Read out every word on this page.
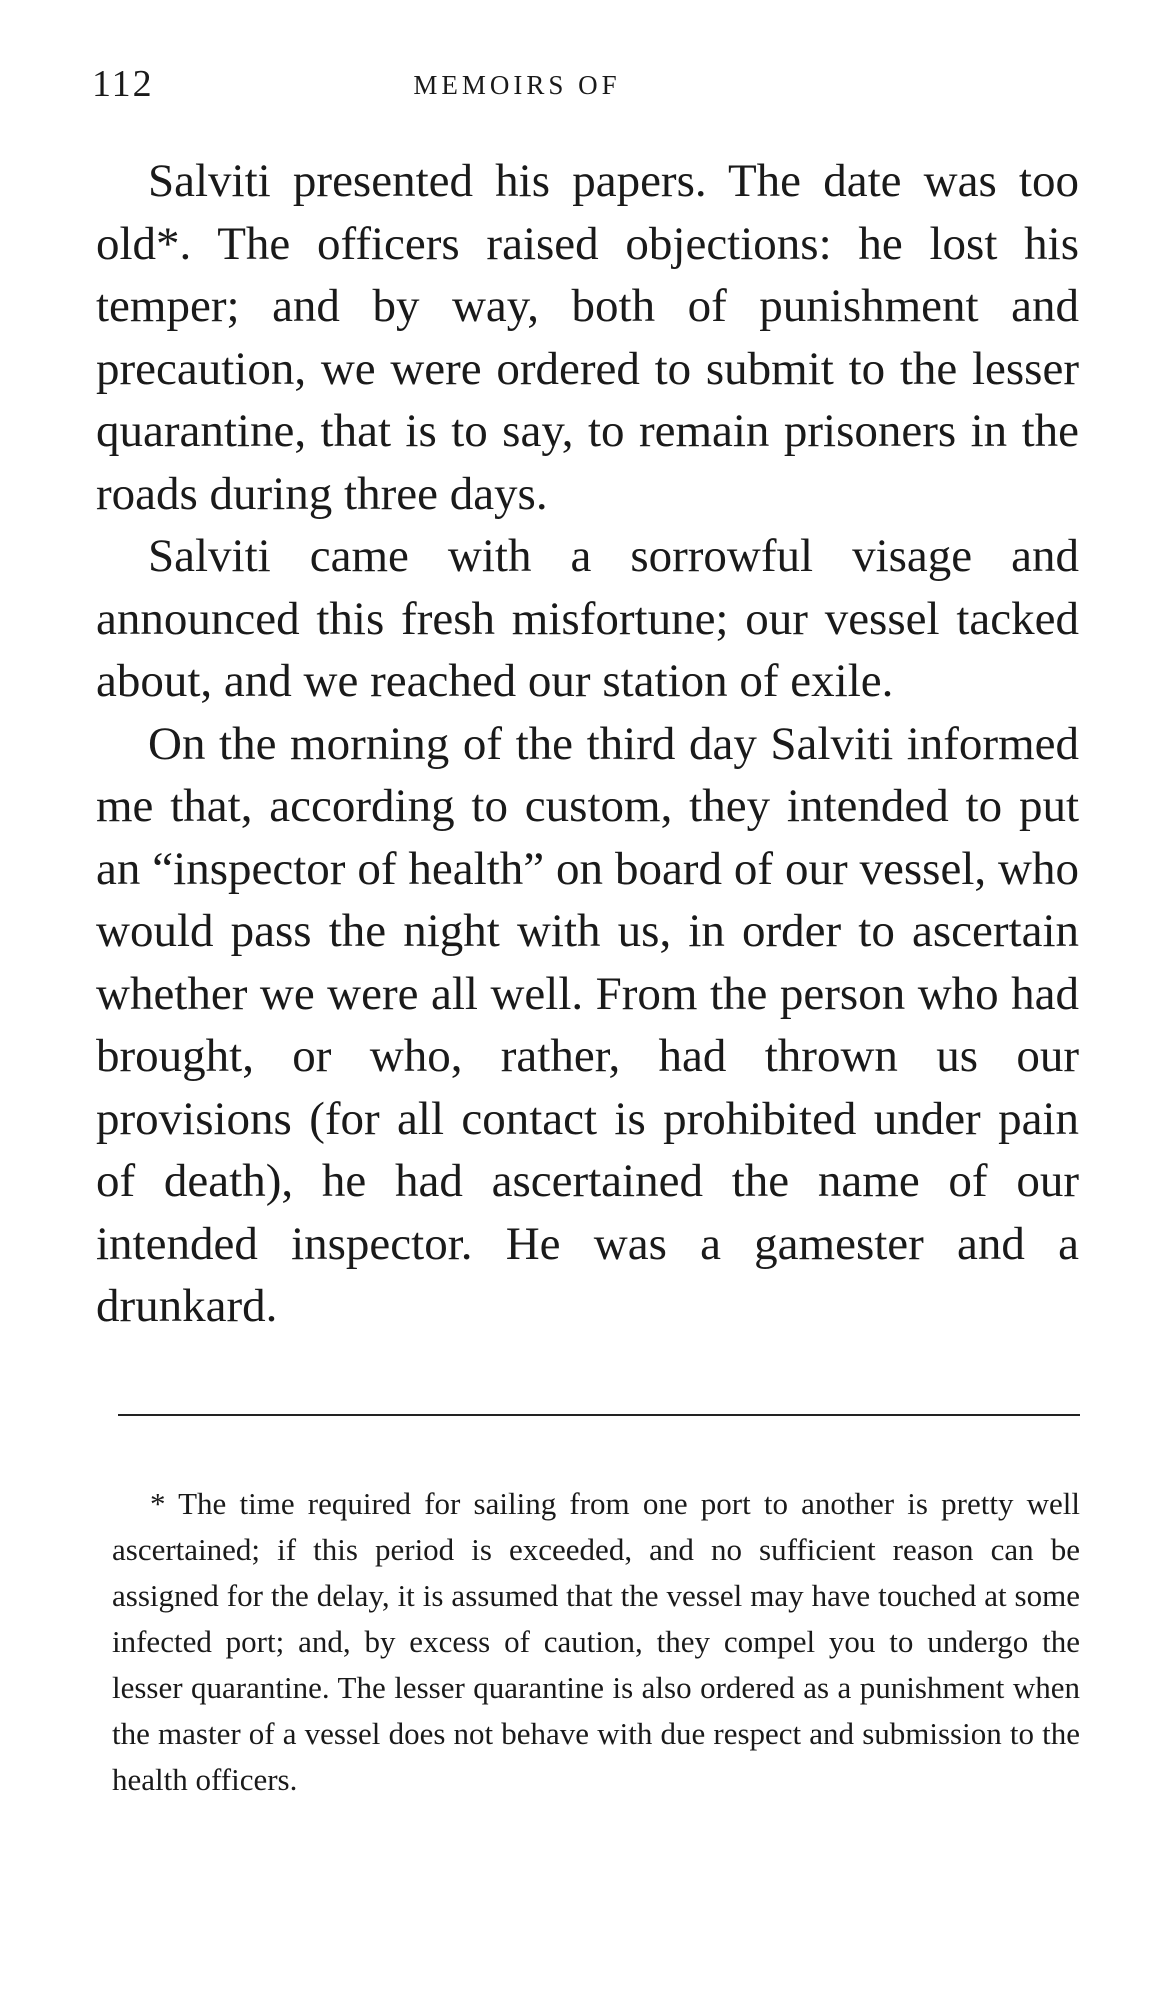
112	MEMOIRS OF

Salviti presented his papers. The date was too old*. The officers raised objections: he lost his temper; and by way, both of punishment and precaution, we were ordered to submit to the lesser quarantine, that is to say, to remain prisoners in the roads during three days.

Salviti came with a sorrowful visage and announced this fresh misfortune; our vessel tacked about, and we reached our station of exile.

On the morning of the third day Salviti informed me that, according to custom, they intended to put an “inspector of health” on board of our vessel, who would pass the night with us, in order to ascertain whether we were all well. From the person who had brought, or who, rather, had thrown us our provisions (for all contact is prohibited under pain of death), he had ascertained the name of our intended inspector. He was a gamester and a drunkard.

* The time required for sailing from one port to another is pretty well ascertained; if this period is exceeded, and no sufficient reason can be assigned for the delay, it is assumed that the vessel may have touched at some infected port; and, by excess of caution, they compel you to undergo the lesser quarantine. The lesser quarantine is also ordered as a punishment when the master of a vessel does not behave with due respect and submission to the health officers.
